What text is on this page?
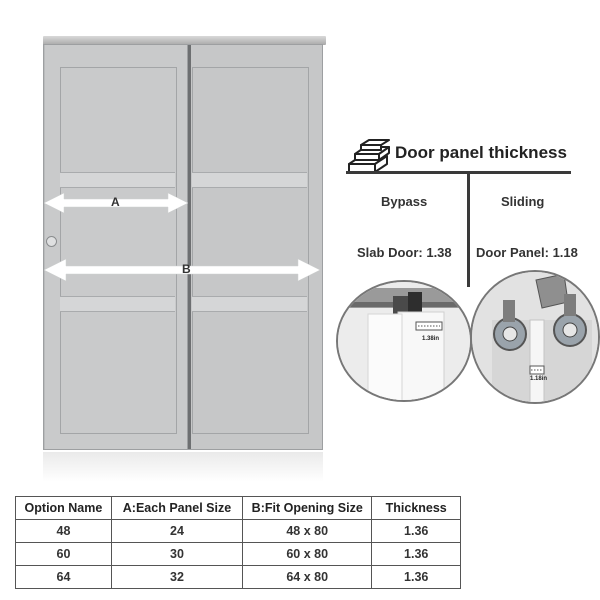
A
B
Door panel thickness
Bypass	Sliding
Slab Door: 1.38 Door Panel: 1.18
1.38in
1.18in
Option Name	A:Each Panel Size	B:Fit Opening Size	Thickness
48	24	48 x 80	1.36
60	30	60 x 80	1.36
64	32	64 x 80	1.36
